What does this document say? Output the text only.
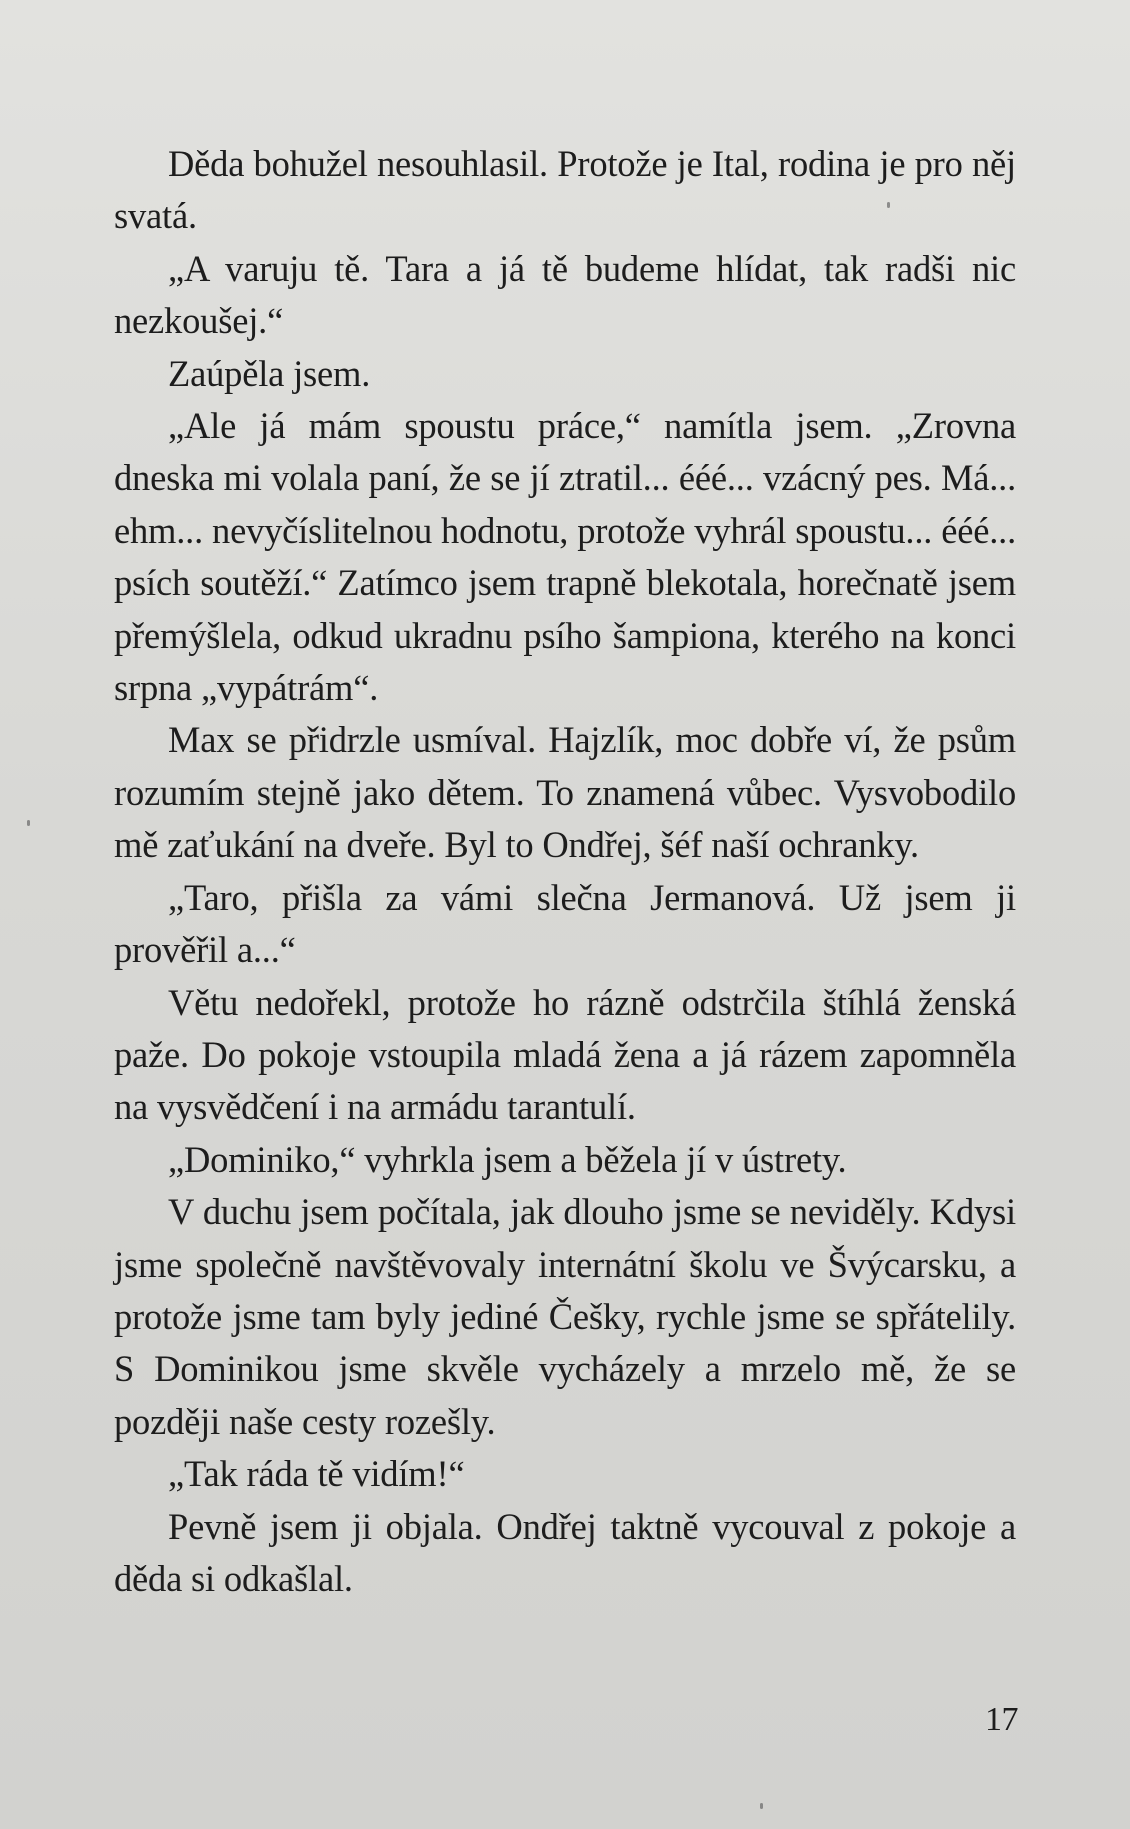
Děda bohužel nesouhlasil. Protože je Ital, rodina je pro něj svatá.

„A varuju tě. Tara a já tě budeme hlídat, tak radši nic nezkoušej.“

Zaúpěla jsem.

„Ale já mám spoustu práce,“ namítla jsem. „Zrovna dneska mi volala paní, že se jí ztratil... ééé... vzácný pes. Má... ehm... nevyčíslitelnou hodnotu, protože vyhrál spoustu... ééé... psích soutěží.“ Zatímco jsem trapně blekotala, horečnatě jsem přemýšlela, odkud ukradnu psího šampiona, kterého na konci srpna „vypátrám“.

Max se přidrzle usmíval. Hajzlík, moc dobře ví, že psům rozumím stejně jako dětem. To znamená vůbec. Vysvobodilo mě zaťukání na dveře. Byl to Ondřej, šéf naší ochranky.

„Taro, přišla za vámi slečna Jermanová. Už jsem ji prověřil a...“

Větu nedořekl, protože ho rázně odstrčila štíhlá ženská paže. Do pokoje vstoupila mladá žena a já rázem zapomněla na vysvědčení i na armádu tarantulí.

„Dominiko,“ vyhrkla jsem a běžela jí v ústrety.

V duchu jsem počítala, jak dlouho jsme se neviděly. Kdysi jsme společně navštěvovaly internátní školu ve Švýcarsku, a protože jsme tam byly jediné Češky, rychle jsme se spřátelily. S Dominikou jsme skvěle vycházely a mrzelo mě, že se později naše cesty rozešly.

„Tak ráda tě vidím!“

Pevně jsem ji objala. Ondřej taktně vycouval z pokoje a děda si odkašlal.

17
